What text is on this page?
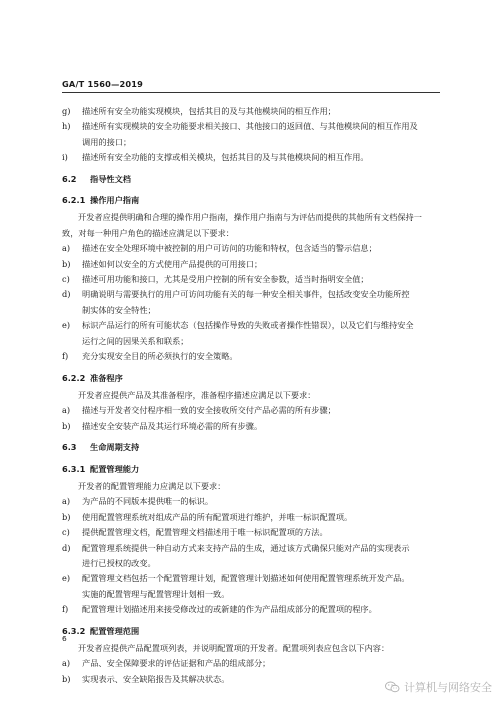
GA/T 1560—2019
g) 描述所有安全功能实现模块，包括其目的及与其他模块间的相互作用；
h) 描述所有实现模块的安全功能要求相关接口、其他接口的返回值、与其他模块间的相互作用及
调用的接口；
i) 描述所有安全功能的支撑或相关模块，包括其目的及与其他模块间的相互作用。
6.2 指导性文档
6.2.1 操作用户指南
开发者应提供明确和合理的操作用户指南，操作用户指南与为评估而提供的其他所有文档保持一
致，对每一种用户角色的描述应满足以下要求：
a) 描述在安全处理环境中被控制的用户可访问的功能和特权，包含适当的警示信息；
b) 描述如何以安全的方式使用产品提供的可用接口；
c) 描述可用功能和接口，尤其是受用户控制的所有安全参数，适当时指明安全值；
d) 明确说明与需要执行的用户可访问功能有关的每一种安全相关事件，包括改变安全功能所控
制实体的安全特性；
e) 标识产品运行的所有可能状态（包括操作导致的失败或者操作性错误），以及它们与维持安全
运行之间的因果关系和联系；
f) 充分实现安全目的所必须执行的安全策略。
6.2.2 准备程序
开发者应提供产品及其准备程序，准备程序描述应满足以下要求：
a) 描述与开发者交付程序相一致的安全接收所交付产品必需的所有步骤；
b) 描述安全安装产品及其运行环境必需的所有步骤。
6.3 生命周期支持
6.3.1 配置管理能力
开发者的配置管理能力应满足以下要求：
a) 为产品的不同版本提供唯一的标识。
b) 使用配置管理系统对组成产品的所有配置项进行维护，并唯一标识配置项。
c) 提供配置管理文档，配置管理文档描述用于唯一标识配置项的方法。
d) 配置管理系统提供一种自动方式来支持产品的生成，通过该方式确保只能对产品的实现表示
进行已授权的改变。
e) 配置管理文档包括一个配置管理计划，配置管理计划描述如何使用配置管理系统开发产品。
实施的配置管理与配置管理计划相一致。
f) 配置管理计划描述用来接受修改过的或新建的作为产品组成部分的配置项的程序。
6.3.2 配置管理范围
开发者应提供产品配置项列表，并说明配置项的开发者。配置项列表应包含以下内容：
a) 产品、安全保障要求的评估证据和产品的组成部分；
b) 实现表示、安全缺陷报告及其解决状态。
6
计算机与网络安全
